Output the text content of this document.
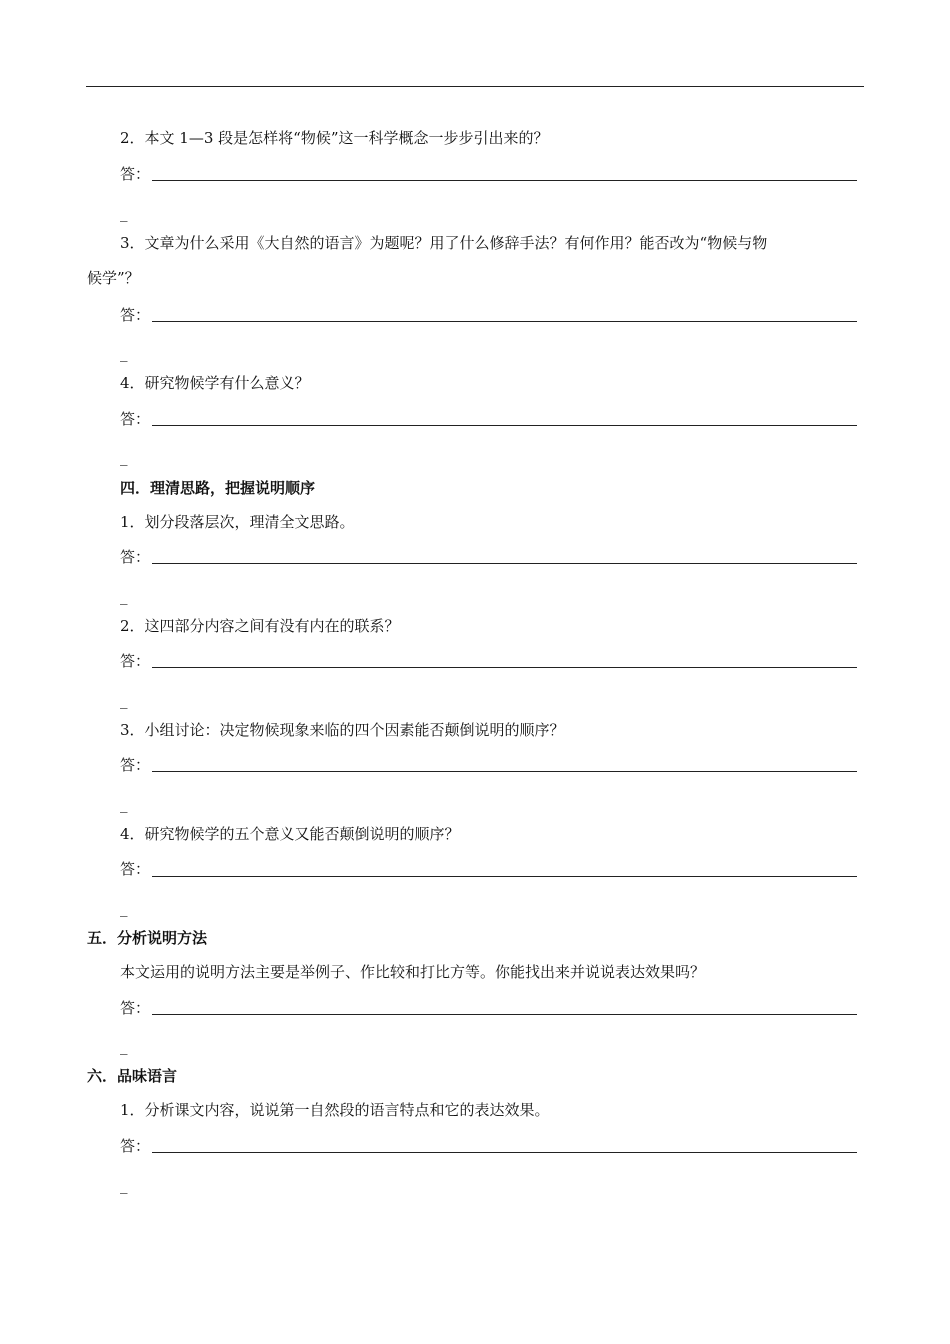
2．本文 1—3 段是怎样将“物候”这一科学概念一步步引出来的？
答：
_
3．文章为什么采用《大自然的语言》为题呢？用了什么修辞手法？有何作用？能否改为“物候与物
候学”？
答：
_
4．研究物候学有什么意义？
答：
_
四．理清思路，把握说明顺序
1．划分段落层次，理清全文思路。
答：
_
2．这四部分内容之间有没有内在的联系？
答：
_
3．小组讨论：决定物候现象来临的四个因素能否颠倒说明的顺序？
答：
_
4．研究物候学的五个意义又能否颠倒说明的顺序？
答：
_
五．分析说明方法
本文运用的说明方法主要是举例子、作比较和打比方等。你能找出来并说说表达效果吗？
答：
_
六．品味语言
1．分析课文内容，说说第一自然段的语言特点和它的表达效果。
答：
_
